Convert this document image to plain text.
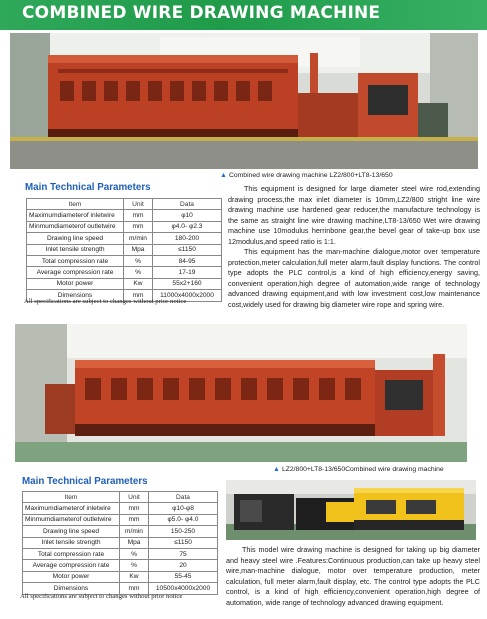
COMBINED WIRE DRAWING MACHINE
▲ Combined wire drawing machine LZ2/800+LT8-13/650
Main Technical Parameters
Item	Unit	Data
Maximumdiameterof inletwire	mm	φ10
Minmumdiameterof outletwire	mm	φ4.0- φ2.3
Drawing line speed	m/min	180-200
Inlet tensile strength	Mpa	≤1150
Total compression rate	%	84-95
Average compression rate	%	17-19
Motor power	Kw	55x2+160
Dimensions	mm	11000x4000x2000
All specifications are subject to changes without prior notice

This equipment is designed for large diameter steel wire rod,extending drawing process,the max inlet diameter is 10mm,LZ2/800 stright line wire drawing machine use hardened gear reducer,the manufacture technology is the same as straight line wire drawing machine,LT8-13/650 Wet wire drawing machine use 10modulus herrinbone gear,the bevel gear of take-up box use 12modulus,and speed ratio is 1:1.

This equipment has the man-machine dialogue,motor over temperature protection,meter calculation,full meter alarm,fault display functions. The control type adopts the PLC control,is a kind of high efficiency,energy saving, convenient operation,high degree of automation,wide range of technology advanced drawing equipment,and with low investment cost,low maintenance cost,widely used for drawing big diameter wire rope and spring wire.

▲ LZ2/800+LT8-13/650Combined wire drawing machine
Main Technical Parameters
Item	Unit	Data
Maximumdiameterof inletwire	mm	φ10-φ8
Minmumdiameterof outletwire	mm	φ5.0- φ4.0
Drawing line speed	m/min	150-250
Inlet tensile strength	Mpa	≤1150
Total compression rate	%	75
Average compression rate	%	20
Motor power	Kw	55-45
Dimensions	mm	10500x4000x2000
All specifications are subject to changes without prior notice

This model wire drawing machine is designed for taking up big diameter and heavy steel wire .Features:Continuous production,can take up heavy steel wire,man-machine dialogue, motor over temperature production, meter calculation, full meter alarm,fault display, etc. The control type adopts the PLC control, is a kind of high efficiency,convenient operation,high degree of automation, wide range of technology advanced drawing equipment.
